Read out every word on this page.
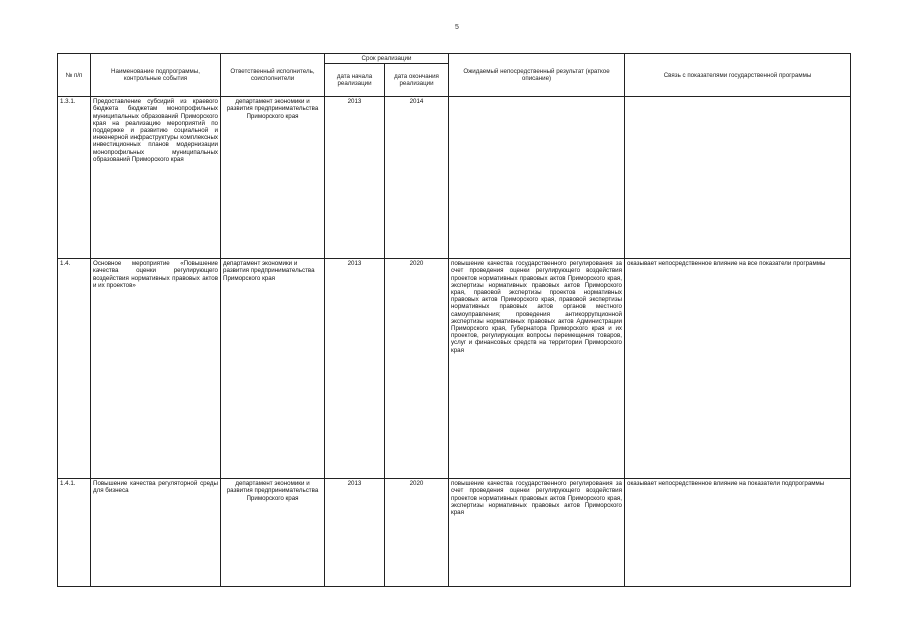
5
№ п/п	Наименование подпрограммы, контрольные события	Ответственный исполнитель, соисполнители	Срок реализации		Ожидаемый непосредственный результат (краткое описание)	Связь с показателями государственной программы
			дата начала реализации	дата окончания реализации		
1.3.1.	Предоставление субсидий из краевого бюджета бюджетам монопрофильных муниципальных образований Приморского края на реализацию мероприятий по поддержке и развитию социальной и инженерной инфраструктуры комплексных инвестиционных планов модернизации монопрофильных муниципальных образований Приморского края	департамент экономики и развития предпринимательства Приморского края	2013	2014		
1.4.	Основное мероприятие «Повышение качества оценки регулирующего воздействия нормативных правовых актов и их проектов»	департамент экономики и развития предпринимательства Приморского края	2013	2020	повышение качества государственного регулирования за счет проведения оценки регулирующего воздействия проектов нормативных правовых актов Приморского края, экспертизы нормативных правовых актов Приморского края, правовой экспертизы проектов нормативных правовых актов Приморского края, правовой экспертизы нормативных правовых актов органов местного самоуправления; проведения антикоррупционной экспертизы нормативных правовых актов Администрации Приморского края, Губернатора Приморского края и их проектов, регулирующих вопросы перемещения товаров, услуг и финансовых средств на территории Приморского края	оказывает непосредственное влияние на все показатели программы
1.4.1.	Повышение качества регуляторной среды для бизнеса	департамент экономики и развития предпринимательства Приморского края	2013	2020	повышение качества государственного регулирования за счет проведения оценки регулирующего воздействия проектов нормативных правовых актов Приморского края, экспертизы нормативных правовых актов Приморского края	оказывает непосредственное влияние на показатели подпрограммы
